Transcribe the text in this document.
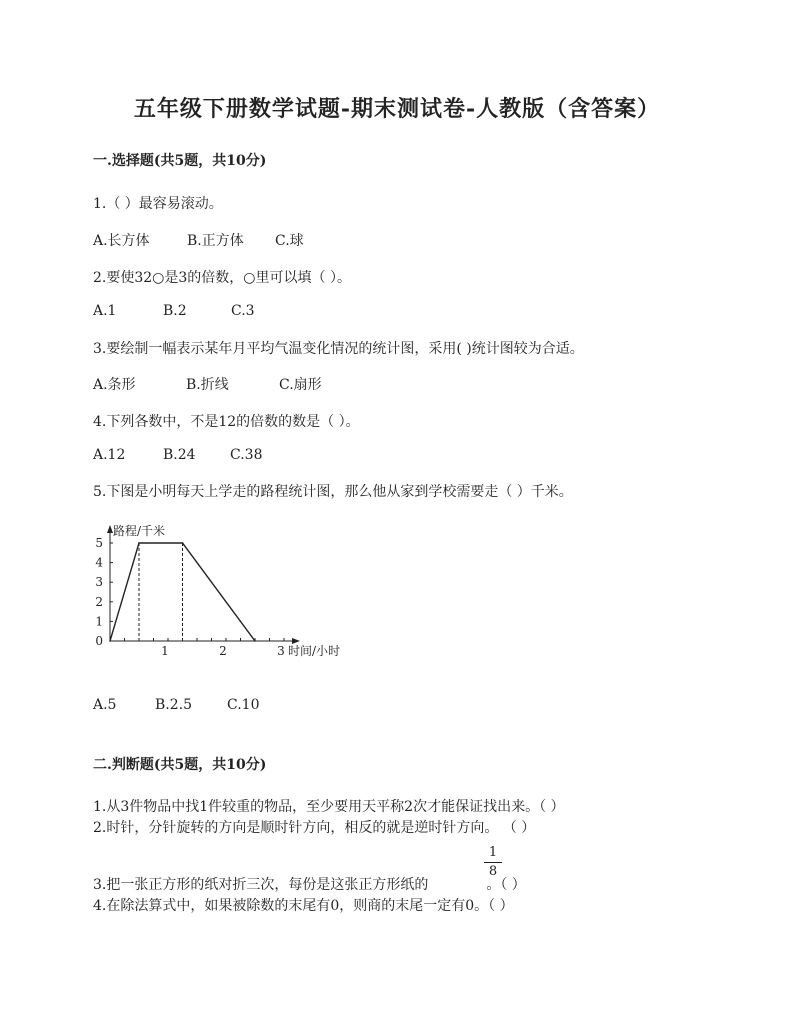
五年级下册数学试题-期末测试卷-人教版（含答案）
一.选择题(共5题，共10分)
1.（ ）最容易滚动。
A.长方体	B.正方体	C.球
2.要使32○是3的倍数，○里可以填（ ）。
A.1	B.2	C.3
3.要绘制一幅表示某年月平均气温变化情况的统计图，采用( )统计图较为合适。
A.条形	B.折线	C.扇形
4.下列各数中，不是12的倍数的数是（ ）。
A.12	B.24	C.38
5.下图是小明每天上学走的路程统计图，那么他从家到学校需要走（ ）千米。
0
1
2
3
4
5
1	2	3
路程/千米
时间/小时
A.5	B.2.5	C.10
二.判断题(共5题，共10分)
1.从3件物品中找1件较重的物品，至少要用天平称2次才能保证找出来。（ ）
2.时针，分针旋转的方向是顺时针方向，相反的就是逆时针方向。 （ ）
1
8
3.把一张正方形的纸对折三次，每份是这张正方形纸的	。（ ）
4.在除法算式中，如果被除数的末尾有0，则商的末尾一定有0。（ ）
